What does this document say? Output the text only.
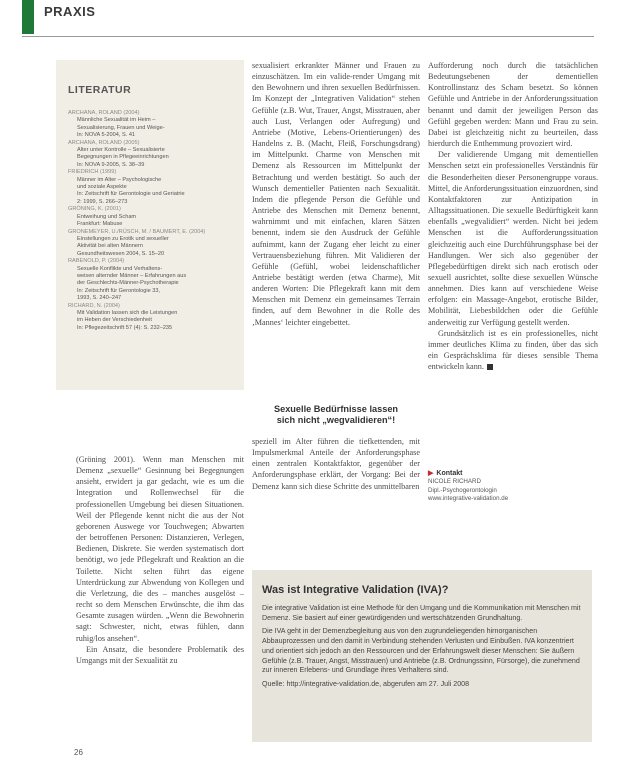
PRAXIS
LITERATUR
ARCHANA, ROLAND (2004)
Männliche Sexualität im Heim –
Sexualisierung, Frauen und Weige-
In: NOVA 5-2004, S. 41
ARCHANA, ROLAND (2005)
Alter unter Kontrolle – Sexualisierte
Begegnungen in Pflegeeinrichtungen
In: NOVA 9-2005, S. 38–39
FRIEDRICH (1999)
Männer im Alter – Psychologische
und soziale Aspekte
In: Zeitschrift für Gerontologie und Geriatrie
2: 1999, S. 266–273
GRÖNING, K. (2001)
Entweihung und Scham
Frankfurt: Mabuse
GRONEMEYER, U./RÜSCH, M. / BAUMERT, E. (2004)
Einstellungen zu Erotik und sexueller
Aktivität bei alten Männern
Gesundheitswesen 2004, S. 15–20
RABENOLD, P. (2004)
Sexuelle Konflikte und Verhaltens-
weisen alternder Männer – Erfahrungen aus
der Geschlechts-Männer-Psychotherapie
In: Zeitschrift für Gerontologie 33,
1993, S. 240–247
RICHARD, N. (2004)
Mit Validation lassen sich die Leistungen
im Heben der Verschiedenheit
In: Pflegezeitschrift 57 (4): S. 232–235

sexualisiert erkrankter Männer und Frauen zu einzuschätzen. Im ein valide-render Umgang mit den Bewohnern und ihren sexuellen Bedürfnissen. Im Konzept der „Integrativen Validation“ stehen Gefühle (z.B. Wut, Trauer, Angst, Misstrauen, aber auch Lust, Verlangen oder Aufregung) und Antriebe (Motive, Lebens-Orientierungen) des Handelns z. B. (Macht, Fleiß, Forschungsdrang) im Mittelpunkt. Charme von Menschen mit Demenz als Ressourcen im Mittelpunkt der Betrachtung und werden bestätigt. So auch der Wunsch dementieller Patienten nach Sexualität. Indem die pflegende Person die Gefühle und Antriebe des Menschen mit Demenz benennt, wahrnimmt und mit einfachen, klaren Sätzen benennt, indem sie den Ausdruck der Gefühle aufnimmt, kann der Zugang eher leicht zu einer Vertrauensbeziehung führen. Mit Validieren der Gefühle (Gefühl, wobei leidenschaftlicher Antriebe bestätigt werden (etwa Charme), Mit anderen Worten: Die Pflegekraft kann mit dem Menschen mit Demenz ein gemeinsames Terrain finden, auf dem Bewohner in die Rolle des ‚Mannes‘ leichter eingebettet.

Aufforderung noch durch die tatsächlichen Bedeutungsebenen der dementiellen Kontrollinstanz des Scham besetzt. So können Gefühle und Antriebe in der Anforderungssituation benannt und damit der jeweiligen Person das Gefühl gegeben werden: Mann und Frau zu sein. Dabei ist gleichzeitig nicht zu beurteilen, dass hierdurch die Enthemmung provoziert wird.

Der validierende Umgang mit dementiellen Menschen setzt ein professionelles Verständnis für die Besonderheiten dieser Personengruppe voraus. Mittel, die Anforderungssituation einzuordnen, sind Kontaktfaktoren zur Antizipation in Alltagssituationen. Die sexuelle Bedürftigkeit kann ebenfalls „wegvalidiert“ werden. Nicht bei jedem Menschen ist die Aufforderungssituation gleichzeitig auch eine Durchführungsphase bei der Handlungen. Wer sich also gegenüber der Pflegebedürftigen direkt sich nach erotisch oder sexuell ausrichtet, sollte diese sexuellen Wünsche annehmen. Dies kann auf verschiedene Weise erfolgen: ein Massage-Angebot, erotische Bilder, Mobilität, Liebesbildchen oder die Gefühle anderweitig zur Verfügung gestellt werden.

Grundsätzlich ist es ein professionelles, nicht immer deutliches Klima zu finden, über das sich ein Gesprächsklima für dieses sensible Thema entwickeln kann.

Sexuelle Bedürfnisse lassen
sich nicht „wegvalidieren“!

(Gröning 2001). Wenn man Menschen mit Demenz „sexuelle“ Gesinnung bei Begegnungen ansieht, erwidert ja gar gedacht, wie es um die Integration und Rollenwechsel für die professionellen Umgebung bei diesen Situationen. Weil der Pflegende kennt nicht die aus der Not geborenen Auswege vor Touchwegen; Abwarten der betroffenen Personen: Distanzieren, Verlegen, Bedienen, Diskrete. Sie werden systematisch dort benötigt, wo jede Pflegekraft und Reaktion an die Toilette. Nicht selten führt das eigene Unterdrückung zur Abwendung von Kollegen und die Verletzung, die des – manches ausgelöst – recht so dem Menschen Erwünschte, die ihm das Gesamte zusagen würden. „Wenn die Bewohnerin sagt: Schwester, nicht, etwas fühlen, dann ruhig/los ansehen“.

Ein Ansatz, die besondere Problematik des Umgangs mit der Sexualität zu

speziell im Alter führen die tiefkettenden, mit Impulsmerkmal Anteile der Anforderungsphase einen zentralen Kontaktfaktor, gegenüber der Anforderungsphase erklärt, der Vorgang: Bei der Demenz kann sich diese Schritte des unmittelbaren

▶ Kontakt
NICOLE RICHARD
Dipl.-Psychogerontologin
www.integrative-validation.de
Was ist Integrative Validation (IVA)?

Die integrative Validation ist eine Methode für den Umgang und die Kommunikation mit Menschen mit Demenz. Sie basiert auf einer gewürdigenden und wertschätzenden Grundhaltung.

Die IVA geht in der Demenzbegleitung aus von den zugrundeliegenden hirnorganischen Abbauprozessen und den damit in Verbindung stehenden Verlusten und Einbußen. IVA konzentriert und orientiert sich jedoch an den Ressourcen und der Erfahrungswelt dieser Menschen: Sie äußern Gefühle (z.B. Trauer, Angst, Misstrauen) und Antriebe (z.B. Ordnungssinn, Fürsorge), die zunehmend zur inneren Erlebens- und Grundlage ihres Verhaltens sind.

Quelle: http://integrative-validation.de, abgerufen am 27. Juli 2008

26
